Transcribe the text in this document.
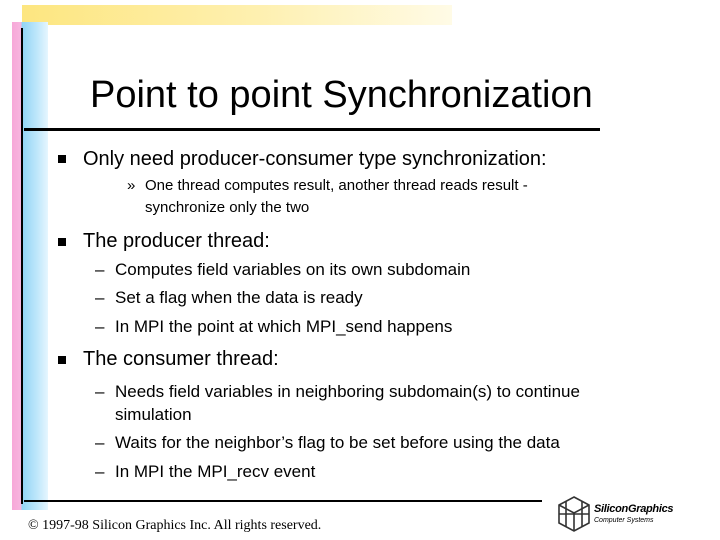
Point to point Synchronization
Only need producer-consumer type synchronization:
» One thread computes result, another thread reads result -
synchronize only the two
The producer thread:
– Computes field variables on its own subdomain
– Set a flag when the data is ready
– In MPI the point at which MPI_send happens
The consumer thread:
– Needs field variables in neighboring subdomain(s) to continue
simulation
– Waits for the neighbor’s flag to be set before using the data
– In MPI the MPI_recv event
© 1997-98 Silicon Graphics Inc. All rights reserved.
SiliconGraphics
Computer Systems
